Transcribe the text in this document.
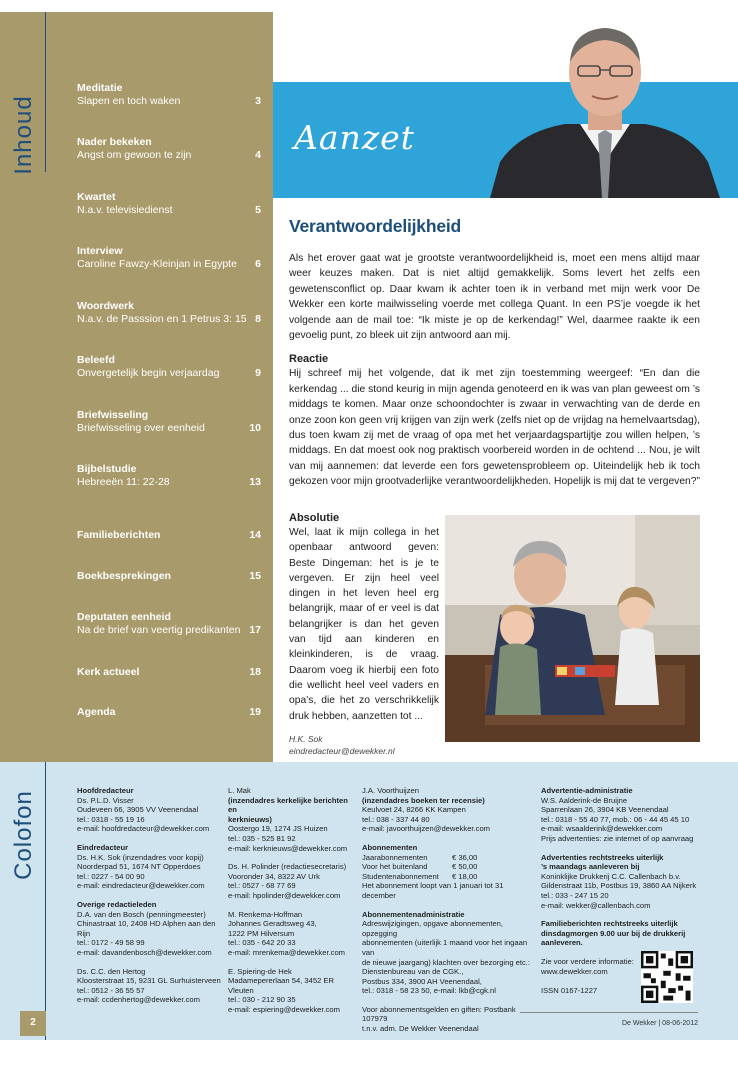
Inhoud
Meditatie
Slapen en toch waken	3
Nader bekeken
Angst om gewoon te zijn	4
Kwartet
N.a.v. televisiedienst	5
Interview
Caroline Fawzy-Kleinjan in Egypte	6
Woordwerk
N.a.v. de Passsion en 1 Petrus 3: 15 8
Beleefd
Onvergetelijk begin verjaardag	9
Briefwisseling
Briefwisseling over eenheid	10
Bijbelstudie
Hebreeën 11: 22-28	13
Familieberichten	14
Boekbesprekingen	15
Deputaten eenheid
Na de brief van veertig predikanten 17
Kerk actueel	18
Agenda	19
Aanzet
Verantwoordelijkheid

Als het erover gaat wat je grootste verantwoordelijkheid is, moet een mens altijd maar weer keuzes maken. Dat is niet altijd gemakkelijk. Soms levert het zelfs een gewetensconflict op. Daar kwam ik achter toen ik in verband met mijn werk voor De Wekker een korte mailwisseling voerde met collega Quant. In een PS’je voegde ik het volgende aan de mail toe: “Ik miste je op de kerkendag!” Wel, daarmee raakte ik een gevoelig punt, zo bleek uit zijn antwoord aan mij.

Reactie

Hij schreef mij het volgende, dat ik met zijn toestemming weergeef: “En dan die kerkendag ... die stond keurig in mijn agenda genoteerd en ik was van plan geweest om ’s middags te komen. Maar onze schoondochter is zwaar in verwachting van de derde en onze zoon kon geen vrij krijgen van zijn werk (zelfs niet op de vrijdag na hemelvaartsdag), dus toen kwam zij met de vraag of opa met het verjaardagspartijtje zou willen helpen, ’s middags. En dat moest ook nog praktisch voorbereid worden in de ochtend ... Nou, je wilt van mij aannemen: dat leverde een fors gewetensprobleem op. Uiteindelijk heb ik toch gekozen voor mijn grootvaderlijke verantwoordelijkheden. Hopelijk is mij dat te vergeven?”

Absolutie

Wel, laat ik mijn collega in het openbaar antwoord geven: Beste Dingeman: het is je te vergeven. Er zijn heel veel dingen in het leven heel erg belangrijk, maar of er veel is dat belangrijker is dan het geven van tijd aan kinderen en kleinkinderen, is de vraag. Daarom voeg ik hierbij een foto die wellicht heel veel vaders en opa’s, die het zo verschrikkelijk druk hebben, aanzetten tot ...

H.K. Sok
eindredacteur@dewekker.nl
Colofon	Hoofdredacteur
Ds. P.L.D. Visser
Oudeveen 66, 3905 VV Veenendaal
tel.: 0318 - 55 19 16
e-mail: hoofdredacteur@dewekker.com
Eindredacteur
Ds. H.K. Sok (inzendadres voor kopij)
Noorderpad 51, 1674 NT Opperdoes
tel.: 0227 - 54 00 90
e-mail: eindredacteur@dewekker.com
Overige redactieleden
D.A. van den Bosch (penningmeester)
Chinastraat 10, 2408 HD Alphen aan den Rijn
tel.: 0172 - 49 58 99
e-mail: davandenbosch@dewekker.com
Ds. C.C. den Hertog
Kloosterstraat 15, 9231 GL Surhuisterveen
tel.: 0512 - 36 55 57
e-mail: ccdenhertog@dewekker.com
L. Mak
(inzendadres kerkelijke berichten en
kerknieuws)
Oostergo 19, 1274 JS Huizen
tel.: 035 - 525 81 92
e-mail: kerknieuws@dewekker.com
Ds. H. Polinder (redactiesecretaris)
Vooronder 34, 8322 AV Urk
tel.: 0527 - 68 77 69
e-mail: hpolinder@dewekker.com
M. Renkema-Hoffman
Johannes Geradtsweg 43,
1222 PM Hilversum
tel.: 035 - 642 20 33
e-mail: mrenkema@dewekker.com
E. Spiering-de Hek
Madamepererlaan 54, 3452 ER Vleuten
tel.: 030 - 212 90 35
e-mail: espiering@dewekker.com
J.A. Voorthuijzen
(inzendadres boeken ter recensie)
Keulvoet 24, 8266 KK Kampen
tel.: 038 - 337 44 80
e-mail: javoorthuijzen@dewekker.com
Abonnementen
Jaarabonnementen	€ 36,00
Voor het buitenland	€ 50,00
Studentenabonnement € 18,00
Het abonnement loopt van 1 januari tot 31 december
Abonnementenadministratie
Adreswijzigingen, opgave abonnementen, opzegging
abonnementen (uiterlijk 1 maand voor het ingaan van
de nieuwe jaargang) klachten over bezorging etc.:
Dienstenbureau van de CGK.,
Postbus 334, 3900 AH Veenendaal,
tel.: 0318 - 58 23 50, e-mail: lkb@cgk.nl
Voor abonnementsgelden en giften: Postbank 107979
t.n.v. adm. De Wekker Veenendaal
Advertentie-administratie
W.S. Aalderink-de Bruijne
Sparrenlaan 26, 3904 KB Veenendaal
tel.: 0318 - 55 40 77, mob.: 06 - 44 45 45 10
e-mail: wsaalderink@dewekker.com
Prijs advertenties: zie internet of op aanvraag
Advertenties rechtstreeks uiterlijk
’s maandags aanleveren bij
Koninklijke Drukkerij C.C. Callenbach b.v.
Gildenstraat 11b, Postbus 19, 3860 AA Nijkerk
tel.: 033 - 247 15 20
e-mail: wekker@callenbach.com
Familieberichten rechtstreeks uiterlijk
dinsdagmorgen 9.00 uur bij de drukkerij
aanleveren.
Zie voor verdere informatie:
www.dewekker.com

ISSN 0167-1227
2	De Wekker | 08-06-2012
